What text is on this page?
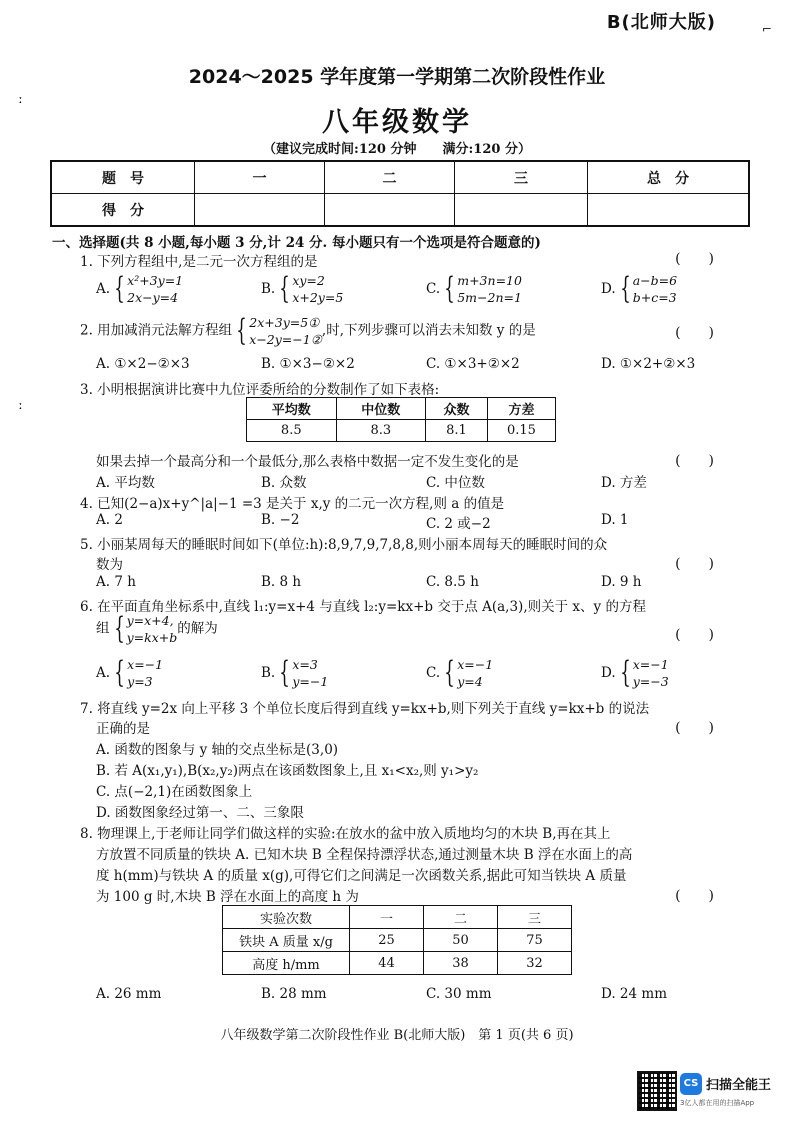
B(北师大版)	⌐
ː
ː
2024～2025 学年度第一学期第二次阶段性作业
八年级数学
（建议完成时间:120 分钟　　满分:120 分）
题　号	一	二	三	总　分
得　分				
一、选择题(共 8 小题,每小题 3 分,计 24 分. 每小题只有一个选项是符合题意的)
1. 下列方程组中,是二元一次方程组的是	(　　)
A. { x²+3y=1
2x−y=4
B. { xy=2
x+2y=5
C. { m+3n=10
5m−2n=1
D. { a−b=6
b+c=3
2. 用加减消元法解方程组 { 2x+3y=5①
x−2y=−1②
,时,下列步骤可以消去未知数 y 的是	(　　)
A. ①×2−②×3	B. ①×3−②×2	C. ①×3+②×2	D. ①×2+②×3
3. 小明根据演讲比赛中九位评委所给的分数制作了如下表格:
平均数	中位数	众数	方差
8.5	8.3	8.1	0.15
如果去掉一个最高分和一个最低分,那么表格中数据一定不发生变化的是	(　　)
A. 平均数	B. 众数	C. 中位数	D. 方差
4. 已知(2−a)x+y^|a|−1 =3 是关于 x,y 的二元一次方程,则 a 的值是
A. 2	B. −2	C. 2 或−2	D. 1
5. 小丽某周每天的睡眠时间如下(单位:h):8,9,7,9,7,8,8,则小丽本周每天的睡眠时间的众
数为	(　　)
A. 7 h	B. 8 h	C. 8.5 h	D. 9 h
6. 在平面直角坐标系中,直线 l₁:y=x+4 与直线 l₂:y=kx+b 交于点 A(a,3),则关于 x、y 的方程
组 { y=x+4,
y=kx+b
的解为	(　　)
A. { x=−1
y=3
B. { x=3
y=−1
C. { x=−1
y=4
D. { x=−1
y=−3
7. 将直线 y=2x 向上平移 3 个单位长度后得到直线 y=kx+b,则下列关于直线 y=kx+b 的说法
正确的是	(　　)
A. 函数的图象与 y 轴的交点坐标是(3,0)
B. 若 A(x₁,y₁),B(x₂,y₂)两点在该函数图象上,且 x₁<x₂,则 y₁>y₂
C. 点(−2,1)在函数图象上
D. 函数图象经过第一、二、三象限
8. 物理课上,于老师让同学们做这样的实验:在放水的盆中放入质地均匀的木块 B,再在其上
方放置不同质量的铁块 A. 已知木块 B 全程保持漂浮状态,通过测量木块 B 浮在水面上的高
度 h(mm)与铁块 A 的质量 x(g),可得它们之间满足一次函数关系,据此可知当铁块 A 质量
为 100 g 时,木块 B 浮在水面上的高度 h 为	(　　)
实验次数	一	二	三
铁块 A 质量 x/g	25	50	75
高度 h/mm	44	38	32
A. 26 mm	B. 28 mm	C. 30 mm	D. 24 mm
八年级数学第二次阶段性作业 B(北师大版)　第 1 页(共 6 页)
CS 扫描全能王
3亿人都在用的扫描App
